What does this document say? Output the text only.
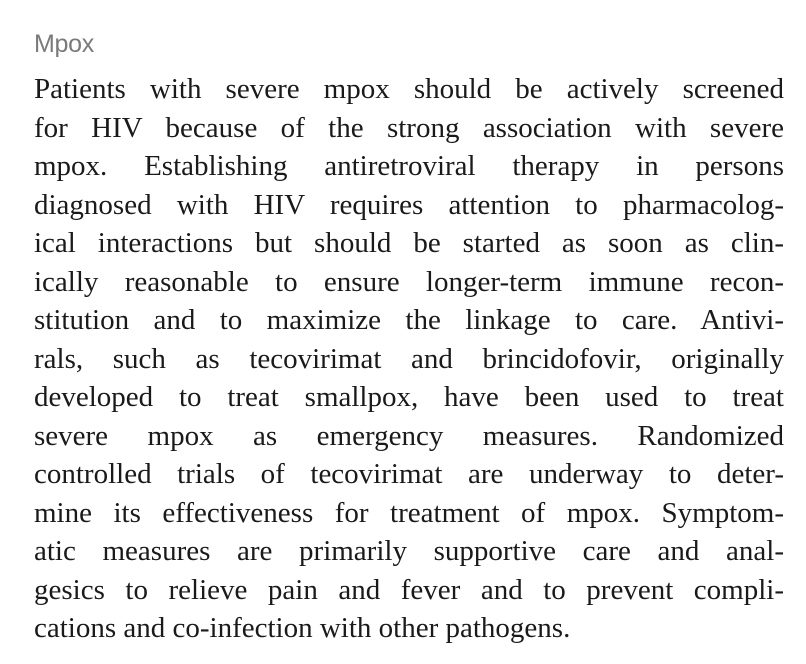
Mpox
Patients with severe mpox should be actively screened
for HIV because of the strong association with severe
mpox. Establishing antiretroviral therapy in persons
diagnosed with HIV requires attention to pharmacolog-
ical interactions but should be started as soon as clin-
ically reasonable to ensure longer-term immune recon-
stitution and to maximize the linkage to care. Antivi-
rals, such as tecovirimat and brincidofovir, originally
developed to treat smallpox, have been used to treat
severe mpox as emergency measures. Randomized
controlled trials of tecovirimat are underway to deter-
mine its effectiveness for treatment of mpox. Symptom-
atic measures are primarily supportive care and anal-
gesics to relieve pain and fever and to prevent compli-
cations and co-infection with other pathogens.
